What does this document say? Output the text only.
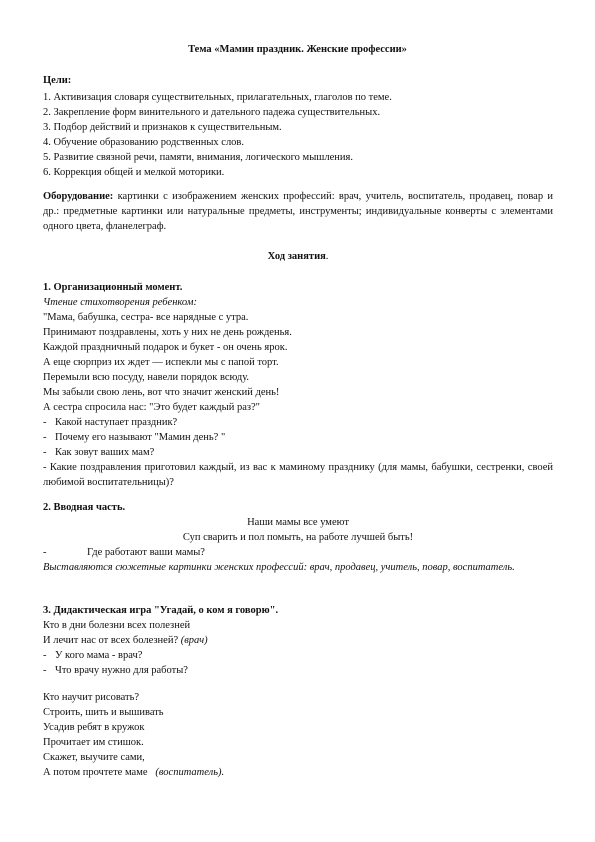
Тема «Мамин праздник. Женские профессии»
Цели:
1. Активизация словаря существительных, прилагательных, глаголов по теме.
2. Закрепление форм винительного и дательного падежа существительных.
3. Подбор действий и признаков к существительным.
4. Обучение образованию родственных слов.
5. Развитие связной речи, памяти, внимания, логического мышления.
6. Коррекция общей и мелкой моторики.
Оборудование: картинки с изображением женских профессий: врач, учитель, воспитатель, продавец, повар и др.: предметные картинки или натуральные предметы, инструменты; индивидуальные конверты с элементами одного цвета, фланелеграф.
Ход занятия.
1. Организационный момент.
Чтение стихотворения ребенком:
"Мама, бабушка, сестра- все нарядные с утра.
Принимают поздравлены, хоть у них не день рожденья.
Каждой праздничный подарок и букет - он очень ярок.
А еще сюрприз их ждет — испекли мы с папой торт.
Перемыли всю посуду, навели порядок всюду.
Мы забыли свою лень, вот что значит женский день!
А сестра спросила нас: "Это будет каждый раз?"
- Какой наступает праздник?
- Почему его называют "Мамин день? "
- Как зовут ваших мам?
- Какие поздравления приготовил каждый, из вас к маминому празднику (для мамы, бабушки, сестренки, своей любимой воспитательницы)?
2. Вводная часть.
Наши мамы все умеют
Суп сварить и пол помыть, на работе лучшей быть!
-	Где работают ваши мамы?
Выставляются сюжетные картинки женских профессий: врач, продавец, учитель, повар, воспитатель.
3. Дидактическая игра "Угадай, о ком я говорю".
Кто в дни болезни всех полезней
И лечит нас от всех болезней? (врач)
- У кого мама - врач?
- Что врачу нужно для работы?
Кто научит рисовать?
Строить, шить и вышивать
Усадив ребят в кружок
Прочитает им стишок.
Скажет, выучите сами,
А потом прочтете маме (воспитатель).
